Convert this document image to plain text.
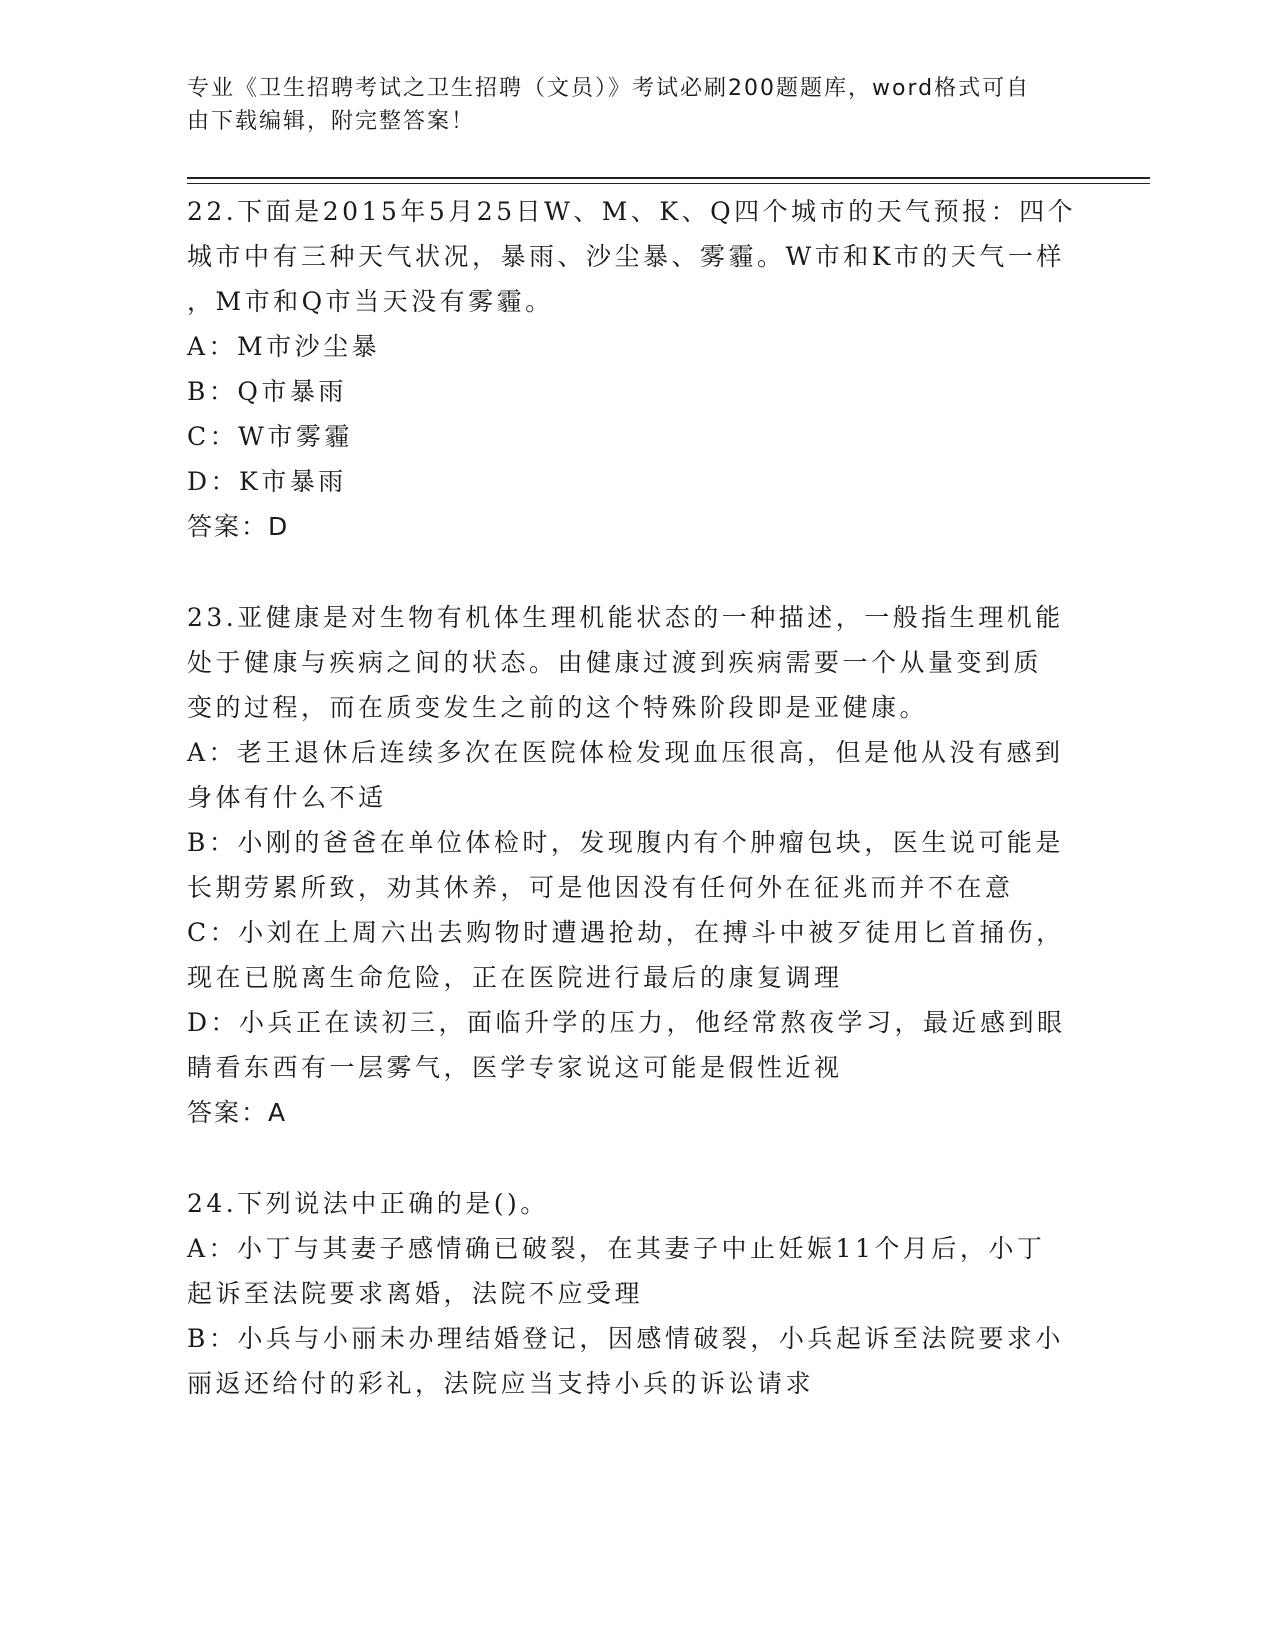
专业《卫生招聘考试之卫生招聘（文员）》考试必刷200题题库，word格式可自
由下载编辑，附完整答案！
22.下面是2015年5月25日W、M、K、Q四个城市的天气预报：四个
城市中有三种天气状况，暴雨、沙尘暴、雾霾。W市和K市的天气一样
，M市和Q市当天没有雾霾。
A：M市沙尘暴
B：Q市暴雨
C：W市雾霾
D：K市暴雨
答案：D
23.亚健康是对生物有机体生理机能状态的一种描述，一般指生理机能
处于健康与疾病之间的状态。由健康过渡到疾病需要一个从量变到质
变的过程，而在质变发生之前的这个特殊阶段即是亚健康。
A：老王退休后连续多次在医院体检发现血压很高，但是他从没有感到
身体有什么不适
B：小刚的爸爸在单位体检时，发现腹内有个肿瘤包块，医生说可能是
长期劳累所致，劝其休养，可是他因没有任何外在征兆而并不在意
C：小刘在上周六出去购物时遭遇抢劫，在搏斗中被歹徒用匕首捅伤，
现在已脱离生命危险，正在医院进行最后的康复调理
D：小兵正在读初三，面临升学的压力，他经常熬夜学习，最近感到眼
睛看东西有一层雾气，医学专家说这可能是假性近视
答案：A
24.下列说法中正确的是()。
A：小丁与其妻子感情确已破裂，在其妻子中止妊娠11个月后，小丁
起诉至法院要求离婚，法院不应受理
B：小兵与小丽未办理结婚登记，因感情破裂，小兵起诉至法院要求小
丽返还给付的彩礼，法院应当支持小兵的诉讼请求
